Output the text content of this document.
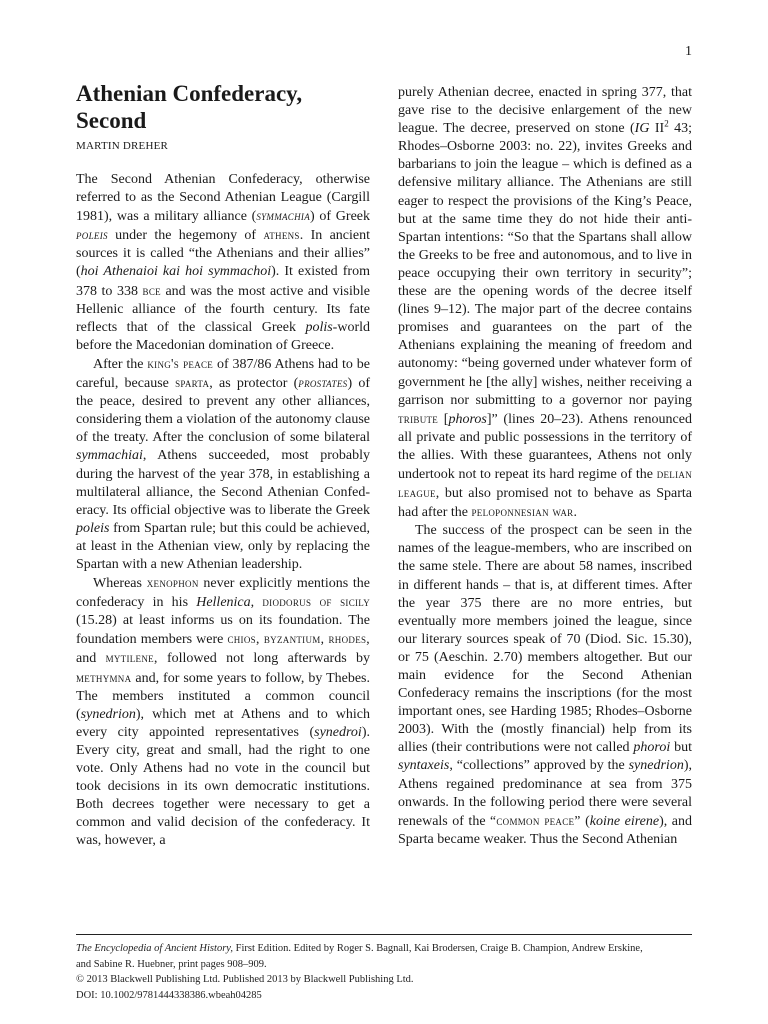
1
Athenian Confederacy, Second
MARTIN DREHER

The Second Athenian Confederacy, otherwise referred to as the Second Athenian League (Cargill 1981), was a military alliance (symmachia) of Greek poleis under the hegemony of athens. In ancient sources it is called “the Athenians and their allies” (hoi Athenaioi kai hoi symmachoi). It existed from 378 to 338 bce and was the most active and visible Hellenic alliance of the fourth century. Its fate reflects that of the classical Greek polis-world before the Macedonian domination of Greece.

After the king's peace of 387/86 Athens had to be careful, because sparta, as protector (prostates) of the peace, desired to prevent any other alliances, considering them a violation of the autonomy clause of the treaty. After the conclusion of some bilateral symmachiai, Athens succeeded, most probably during the harvest of the year 378, in establishing a multilateral alliance, the Second Athenian Confederacy. Its official objective was to liberate the Greek poleis from Spartan rule; but this could be achieved, at least in the Athenian view, only by replacing the Spartan with a new Athenian leadership.

Whereas xenophon never explicitly mentions the confederacy in his Hellenica, diodorus of sicily (15.28) at least informs us on its foundation. The foundation members were chios, byzantium, rhodes, and mytilene, followed not long afterwards by methymna and, for some years to follow, by Thebes. The members instituted a common council (synedrion), which met at Athens and to which every city appointed representatives (synedroi). Every city, great and small, had the right to one vote. Only Athens had no vote in the council but took decisions in its own democratic institutions. Both decrees together were necessary to get a common and valid decision of the confederacy. It was, however, a

purely Athenian decree, enacted in spring 377, that gave rise to the decisive enlargement of the new league. The decree, preserved on stone (IG $II^2$ 43; Rhodes–Osborne 2003: no. 22), invites Greeks and barbarians to join the league – which is defined as a defensive military alliance. The Athenians are still eager to respect the provisions of the King’s Peace, but at the same time they do not hide their anti-Spartan intentions: “So that the Spartans shall allow the Greeks to be free and autonomous, and to live in peace occupying their own territory in security”; these are the opening words of the decree itself (lines 9–12). The major part of the decree contains promises and guarantees on the part of the Athenians explaining the meaning of freedom and autonomy: “being governed under whatever form of government he [the ally] wishes, neither receiving a garrison nor submitting to a governor nor paying tribute [phoros]” (lines 20–23). Athens renounced all private and public possessions in the territory of the allies. With these guarantees, Athens not only undertook not to repeat its hard regime of the delian league, but also promised not to behave as Sparta had after the peloponnesian war.

The success of the prospect can be seen in the names of the league-members, who are inscribed on the same stele. There are about 58 names, inscribed in different hands – that is, at different times. After the year 375 there are no more entries, but eventually more members joined the league, since our literary sources speak of 70 (Diod. Sic. 15.30), or 75 (Aeschin. 2.70) members altogether. But our main evidence for the Second Athenian Confederacy remains the inscriptions (for the most important ones, see Harding 1985; Rhodes–Osborne 2003). With the (mostly financial) help from its allies (their contributions were not called phoroi but syntaxeis, “collections” approved by the synedrion), Athens regained predominance at sea from 375 onwards. In the following period there were several renewals of the “common peace” (koine eirene), and Sparta became weaker. Thus the Second Athenian

The Encyclopedia of Ancient History, First Edition. Edited by Roger S. Bagnall, Kai Brodersen, Craige B. Champion, Andrew Erskine,
and Sabine R. Huebner, print pages 908–909.
© 2013 Blackwell Publishing Ltd. Published 2013 by Blackwell Publishing Ltd.
DOI: 10.1002/9781444338386.wbeah04285
